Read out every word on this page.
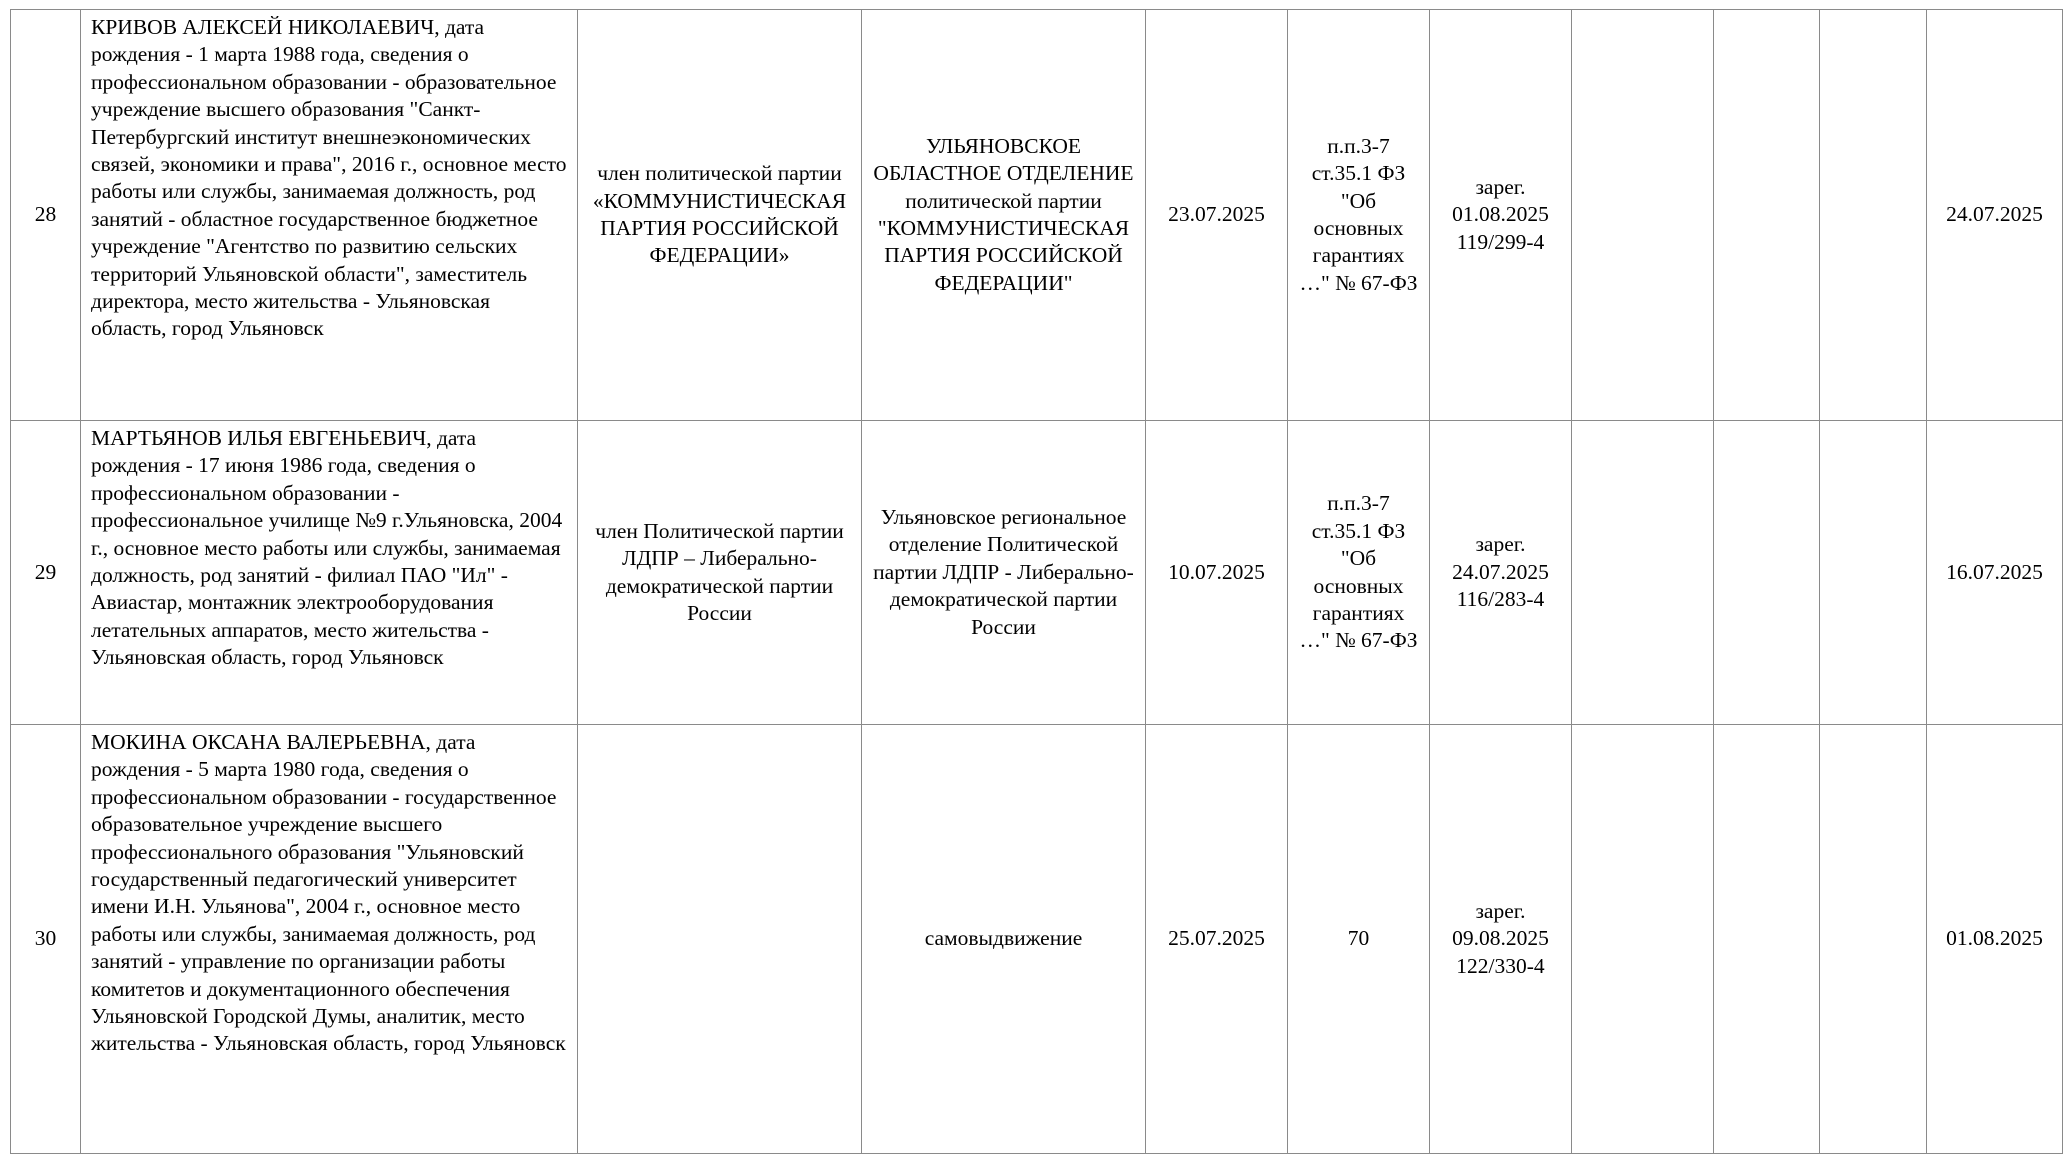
28	КРИВОВ АЛЕКСЕЙ НИКОЛАЕВИЧ, дата рождения - 1 марта 1988 года, сведения о профессиональном образовании - образовательное учреждение высшего образования "Санкт-Петербургский институт внешнеэкономических связей, экономики и права", 2016 г., основное место работы или службы, занимаемая должность, род занятий - областное государственное бюджетное учреждение "Агентство по развитию сельских территорий Ульяновской области", заместитель директора, место жительства - Ульяновская область, город Ульяновск	член политической партии «КОММУНИСТИЧЕСКАЯ ПАРТИЯ РОССИЙСКОЙ ФЕДЕРАЦИИ»	УЛЬЯНОВСКОЕ ОБЛАСТНОЕ ОТДЕЛЕНИЕ политической партии "КОММУНИСТИЧЕСКАЯ ПАРТИЯ РОССИЙСКОЙ ФЕДЕРАЦИИ"	23.07.2025	п.п.3-7 ст.35.1 ФЗ "Об основных гарантиях …" № 67-ФЗ	зарег. 01.08.2025 119/299-4				24.07.2025
29	МАРТЬЯНОВ ИЛЬЯ ЕВГЕНЬЕВИЧ, дата рождения - 17 июня 1986 года, сведения о профессиональном образовании - профессиональное училище №9 г.Ульяновска, 2004 г., основное место работы или службы, занимаемая должность, род занятий - филиал ПАО "Ил" - Авиастар, монтажник электрооборудования летательных аппаратов, место жительства - Ульяновская область, город Ульяновск	член Политической партии ЛДПР – Либерально-демократической партии России	Ульяновское региональное отделение Политической партии ЛДПР - Либерально-демократической партии России	10.07.2025	п.п.3-7 ст.35.1 ФЗ "Об основных гарантиях …" № 67-ФЗ	зарег. 24.07.2025 116/283-4				16.07.2025
30	МОКИНА ОКСАНА ВАЛЕРЬЕВНА, дата рождения - 5 марта 1980 года, сведения о профессиональном образовании - государственное образовательное учреждение высшего профессионального образования "Ульяновский государственный педагогический университет имени И.Н. Ульянова", 2004 г., основное место работы или службы, занимаемая должность, род занятий - управление по организации работы комитетов и документационного обеспечения Ульяновской Городской Думы, аналитик, место жительства - Ульяновская область, город Ульяновск		самовыдвижение	25.07.2025	70	зарег. 09.08.2025 122/330-4				01.08.2025
